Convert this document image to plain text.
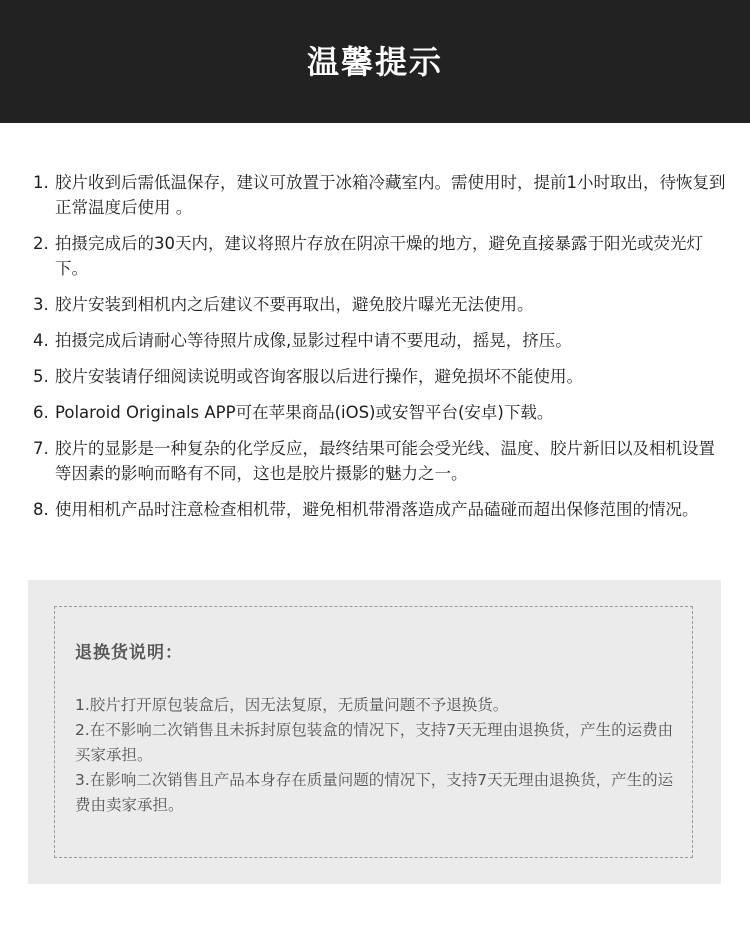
温馨提示
1. 胶片收到后需低温保存，建议可放置于冰箱冷藏室内。需使用时，提前1小时取出，待恢复到正常温度后使用 。
2. 拍摄完成后的30天内，建议将照片存放在阴凉干燥的地方，避免直接暴露于阳光或荧光灯下。
3. 胶片安装到相机内之后建议不要再取出，避免胶片曝光无法使用。
4. 拍摄完成后请耐心等待照片成像,显影过程中请不要甩动，摇晃，挤压。
5. 胶片安装请仔细阅读说明或咨询客服以后进行操作，避免损坏不能使用。
6. Polaroid Originals APP可在苹果商品(iOS)或安智平台(安卓)下载。
7. 胶片的显影是一种复杂的化学反应，最终结果可能会受光线、温度、胶片新旧以及相机设置等因素的影响而略有不同，这也是胶片摄影的魅力之一。
8. 使用相机产品时注意检查相机带，避免相机带滑落造成产品磕碰而超出保修范围的情况。
退换货说明：
1.胶片打开原包装盒后，因无法复原，无质量问题不予退换货。
2.在不影响二次销售且未拆封原包装盒的情况下，支持7天无理由退换货，产生的运费由买家承担。
3.在影响二次销售且产品本身存在质量问题的情况下，支持7天无理由退换货，产生的运费由卖家承担。
